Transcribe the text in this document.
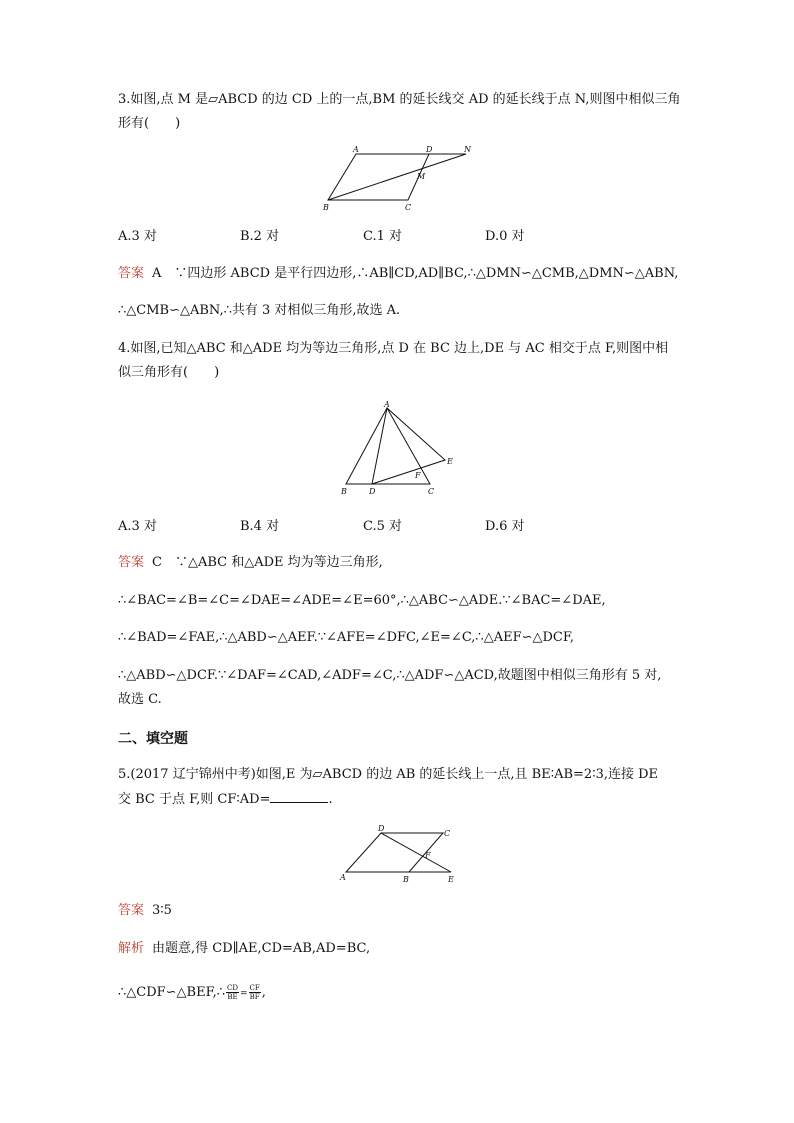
3.如图,点 M 是▱ABCD 的边 CD 上的一点,BM 的延长线交 AD 的延长线于点 N,则图中相似三角
形有(　　)
A	D	N
M
B	C
A.3 对	B.2 对	C.1 对	D.0 对
答案 A　∵四边形 ABCD 是平行四边形,∴AB∥CD,AD∥BC,∴△DMN∽△CMB,△DMN∽△ABN,
∴△CMB∽△ABN,∴共有 3 对相似三角形,故选 A.
4.如图,已知△ABC 和△ADE 均为等边三角形,点 D 在 BC 边上,DE 与 AC 相交于点 F,则图中相
似三角形有(　　)
A
E
F
B	D	C
A.3 对	B.4 对	C.5 对	D.6 对
答案 C　∵△ABC 和△ADE 均为等边三角形,
∴∠BAC=∠B=∠C=∠DAE=∠ADE=∠E=60°,∴△ABC∽△ADE.∵∠BAC=∠DAE,
∴∠BAD=∠FAE,∴△ABD∽△AEF.∵∠AFE=∠DFC,∠E=∠C,∴△AEF∽△DCF,
∴△ABD∽△DCF.∵∠DAF=∠CAD,∠ADF=∠C,∴△ADF∽△ACD,故题图中相似三角形有 5 对,
故选 C.
二、填空题
5.(2017 辽宁锦州中考)如图,E 为▱ABCD 的边 AB 的延长线上一点,且 BE∶AB=2∶3,连接 DE
交 BC 于点 F,则 CF∶AD=	.
D
C
F
A	B	E
答案 3∶5
解析 由题意,得 CD∥AE,CD=AB,AD=BC,
∴△CDF∽△BEF,∴ $\frac{CD}{BE} = \frac{CF}{BF}$ ,
